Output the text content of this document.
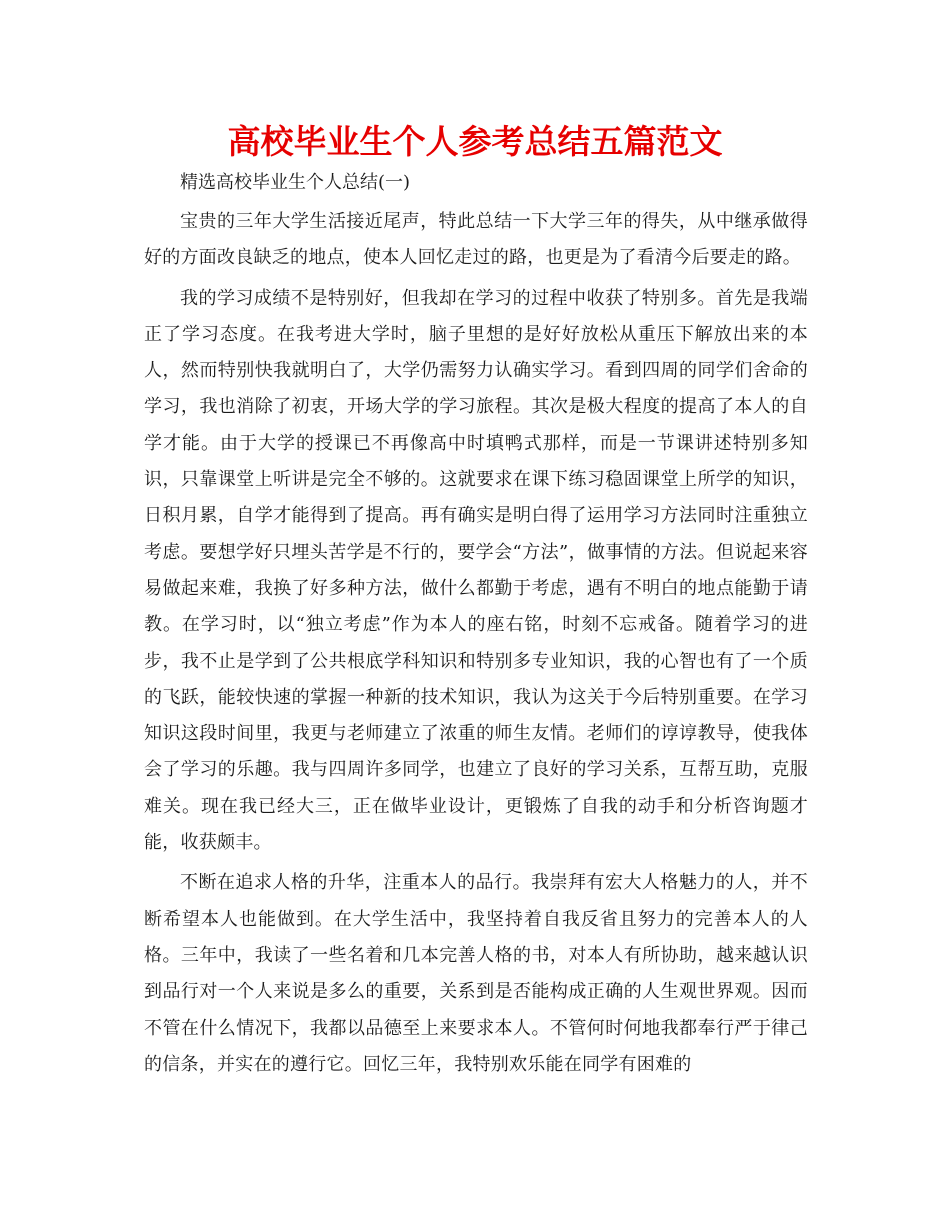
高校毕业生个人参考总结五篇范文

精选高校毕业生个人总结(一)

宝贵的三年大学生活接近尾声，特此总结一下大学三年的得失，从中继承做得好的方面改良缺乏的地点，使本人回忆走过的路，也更是为了看清今后要走的路。

我的学习成绩不是特别好，但我却在学习的过程中收获了特别多。首先是我端正了学习态度。在我考进大学时，脑子里想的是好好放松从重压下解放出来的本人，然而特别快我就明白了，大学仍需努力认确实学习。看到四周的同学们舍命的学习，我也消除了初衷，开场大学的学习旅程。其次是极大程度的提高了本人的自学才能。由于大学的授课已不再像高中时填鸭式那样，而是一节课讲述特别多知识，只靠课堂上听讲是完全不够的。这就要求在课下练习稳固课堂上所学的知识，日积月累，自学才能得到了提高。再有确实是明白得了运用学习方法同时注重独立考虑。要想学好只埋头苦学是不行的，要学会“方法”，做事情的方法。但说起来容易做起来难，我换了好多种方法，做什么都勤于考虑，遇有不明白的地点能勤于请教。在学习时，以“独立考虑”作为本人的座右铭，时刻不忘戒备。随着学习的进步，我不止是学到了公共根底学科知识和特别多专业知识，我的心智也有了一个质的飞跃，能较快速的掌握一种新的技术知识，我认为这关于今后特别重要。在学习知识这段时间里，我更与老师建立了浓重的师生友情。老师们的谆谆教导，使我体会了学习的乐趣。我与四周许多同学，也建立了良好的学习关系，互帮互助，克服难关。现在我已经大三，正在做毕业设计，更锻炼了自我的动手和分析咨询题才能，收获颇丰。

不断在追求人格的升华，注重本人的品行。我崇拜有宏大人格魅力的人，并不断希望本人也能做到。在大学生活中，我坚持着自我反省且努力的完善本人的人格。三年中，我读了一些名着和几本完善人格的书，对本人有所协助，越来越认识到品行对一个人来说是多么的重要，关系到是否能构成正确的人生观世界观。因而不管在什么情况下，我都以品德至上来要求本人。不管何时何地我都奉行严于律己的信条，并实在的遵行它。回忆三年，我特别欢乐能在同学有困难的
